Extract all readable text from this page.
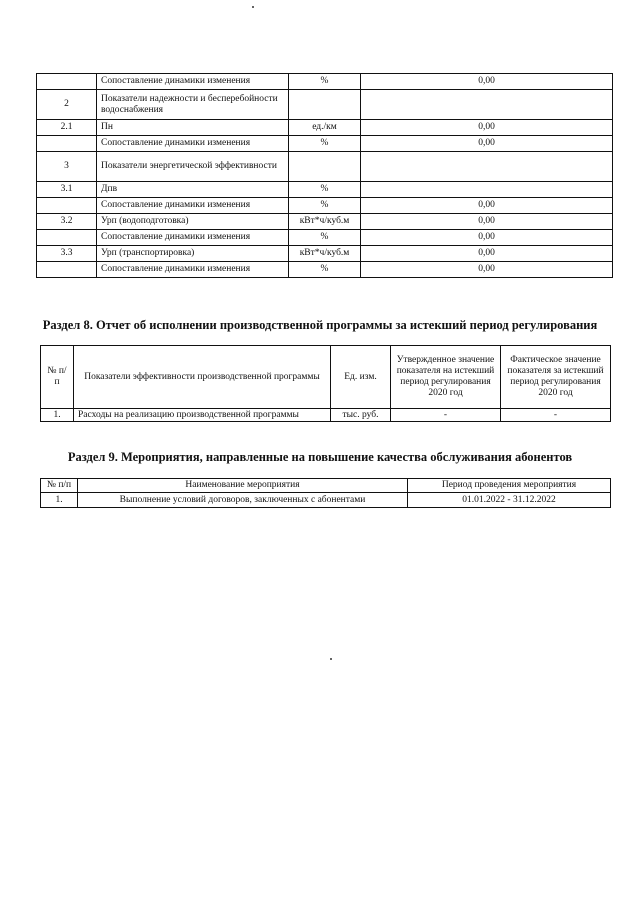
	Сопоставление динамики изменения	%	0,00
2	Показатели надежности и бесперебойности водоснабжения		
2.1	Пн	ед./км	0,00
	Сопоставление динамики изменения	%	0,00
3	Показатели энергетической эффективности		
3.1	Дпв	%	
	Сопоставление динамики изменения	%	0,00
3.2	Урп (водоподготовка)	кВт*ч/куб.м	0,00
	Сопоставление динамики изменения	%	0,00
3.3	Урп (транспортировка)	кВт*ч/куб.м	0,00
	Сопоставление динамики изменения	%	0,00
Раздел 8. Отчет об исполнении производственной программы за истекший период регулирования
№ п/п	Показатели эффективности производственной программы	Ед. изм.	Утвержденное значение показателя на истекший период регулирования 2020 год	Фактическое значение показателя за истекший период регулирования 2020 год
1.	Расходы на реализацию производственной программы	тыс. руб.	-	-
Раздел 9. Мероприятия, направленные на повышение качества обслуживания абонентов
№ п/п	Наименование мероприятия	Период проведения мероприятия
1.	Выполнение условий договоров, заключенных с абонентами	01.01.2022 - 31.12.2022
